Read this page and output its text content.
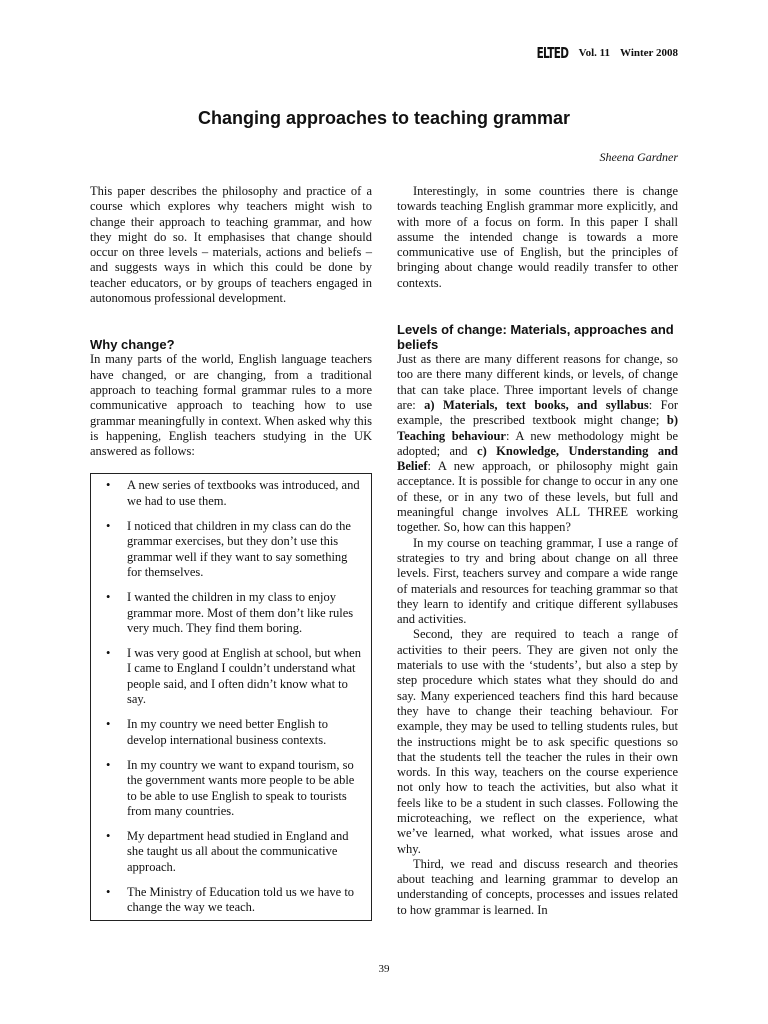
ELTED Vol. 11 Winter 2008
Changing approaches to teaching grammar
Sheena Gardner

This paper describes the philosophy and practice of a course which explores why teachers might wish to change their approach to teaching grammar, and how they might do so. It emphasises that change should occur on three levels – materials, actions and beliefs – and suggests ways in which this could be done by teacher educators, or by groups of teachers engaged in autonomous professional development.

Why change?

In many parts of the world, English language teachers have changed, or are changing, from a traditional approach to teaching formal grammar rules to a more communicative approach to teaching how to use grammar meaningfully in context. When asked why this is happening, English teachers studying in the UK answered as follows:

• A new series of textbooks was introduced, and we had to use them.
• I noticed that children in my class can do the grammar exercises, but they don’t use this grammar well if they want to say something for themselves.
• I wanted the children in my class to enjoy grammar more. Most of them don’t like rules very much. They find them boring.
• I was very good at English at school, but when I came to England I couldn’t understand what people said, and I often didn’t know what to say.
• In my country we need better English to develop international business contexts.
• In my country we want to expand tourism, so the government wants more people to be able to be able to use English to speak to tourists from many countries.
• My department head studied in England and she taught us all about the communicative approach.
• The Ministry of Education told us we have to change the way we teach.

Interestingly, in some countries there is change towards teaching English grammar more explicitly, and with more of a focus on form. In this paper I shall assume the intended change is towards a more communicative use of English, but the principles of bringing about change would readily transfer to other contexts.

Levels of change: Materials, approaches and beliefs

Just as there are many different reasons for change, so too are there many different kinds, or levels, of change that can take place. Three important levels of change are: a) Materials, text books, and syllabus: For example, the prescribed textbook might change; b) Teaching behaviour: A new methodology might be adopted; and c) Knowledge, Understanding and Belief: A new approach, or philosophy might gain acceptance. It is possible for change to occur in any one of these, or in any two of these levels, but full and meaningful change involves ALL THREE working together. So, how can this happen?

In my course on teaching grammar, I use a range of strategies to try and bring about change on all three levels. First, teachers survey and compare a wide range of materials and resources for teaching grammar so that they learn to identify and critique different syllabuses and activities.

Second, they are required to teach a range of activities to their peers. They are given not only the materials to use with the ‘students’, but also a step by step procedure which states what they should do and say. Many experienced teachers find this hard because they have to change their teaching behaviour. For example, they may be used to telling students rules, but the instructions might be to ask specific questions so that the students tell the teacher the rules in their own words. In this way, teachers on the course experience not only how to teach the activities, but also what it feels like to be a student in such classes. Following the microteaching, we reflect on the experience, what we’ve learned, what worked, what issues arose and why.

Third, we read and discuss research and theories about teaching and learning grammar to develop an understanding of concepts, processes and issues related to how grammar is learned. In

39
